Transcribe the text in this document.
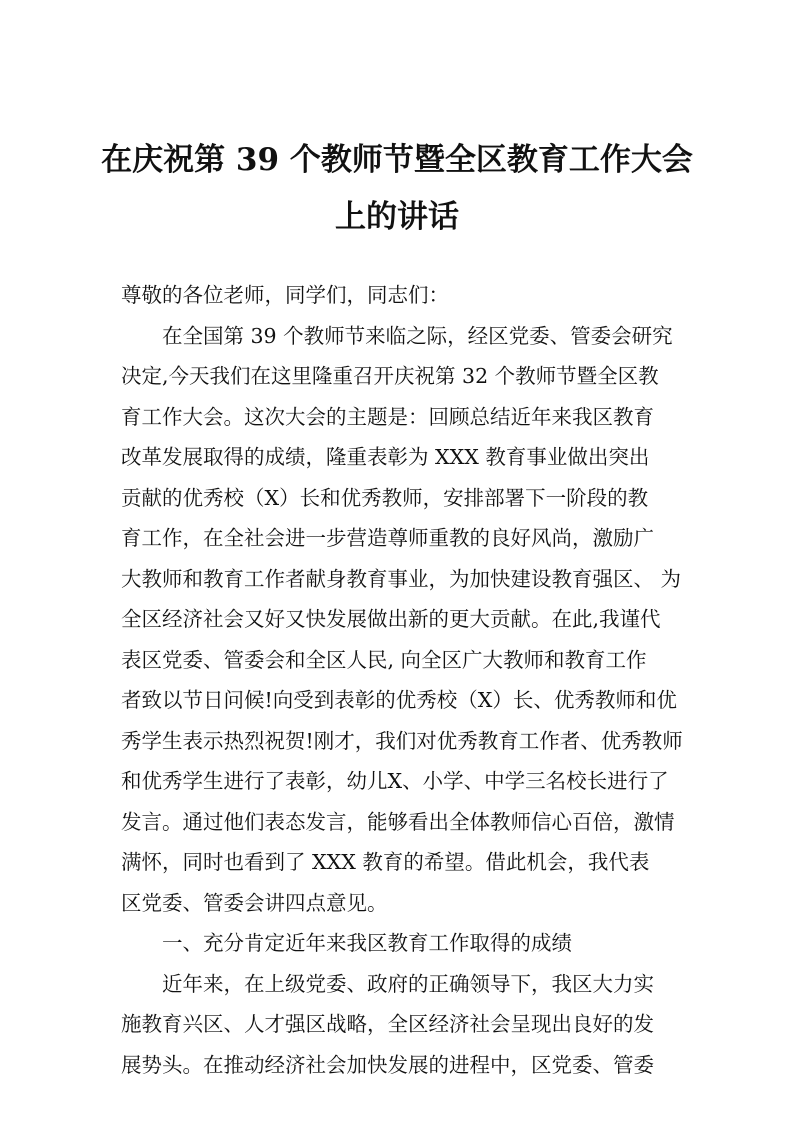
在庆祝第 39 个教师节暨全区教育工作大会
上的讲话
尊敬的各位老师，同学们，同志们：
在全国第 39 个教师节来临之际，经区党委、管委会研究
决定,今天我们在这里隆重召开庆祝第 32 个教师节暨全区教
育工作大会。这次大会的主题是：回顾总结近年来我区教育
改革发展取得的成绩，隆重表彰为 XXX 教育事业做出突出
贡献的优秀校（X）长和优秀教师，安排部署下一阶段的教
育工作，在全社会进一步营造尊师重教的良好风尚，激励广
大教师和教育工作者献身教育事业，为加快建设教育强区、 为
全区经济社会又好又快发展做出新的更大贡献。在此,我谨代
表区党委、管委会和全区人民, 向全区广大教师和教育工作
者致以节日问候!向受到表彰的优秀校（X）长、优秀教师和优
秀学生表示热烈祝贺!刚才，我们对优秀教育工作者、优秀教师
和优秀学生进行了表彰，幼儿X、小学、中学三名校长进行了
发言。通过他们表态发言，能够看出全体教师信心百倍，激情
满怀，同时也看到了 XXX 教育的希望。借此机会，我代表
区党委、管委会讲四点意见。
一、充分肯定近年来我区教育工作取得的成绩
近年来，在上级党委、政府的正确领导下，我区大力实
施教育兴区、人才强区战略，全区经济社会呈现出良好的发
展势头。在推动经济社会加快发展的进程中，区党委、管委
